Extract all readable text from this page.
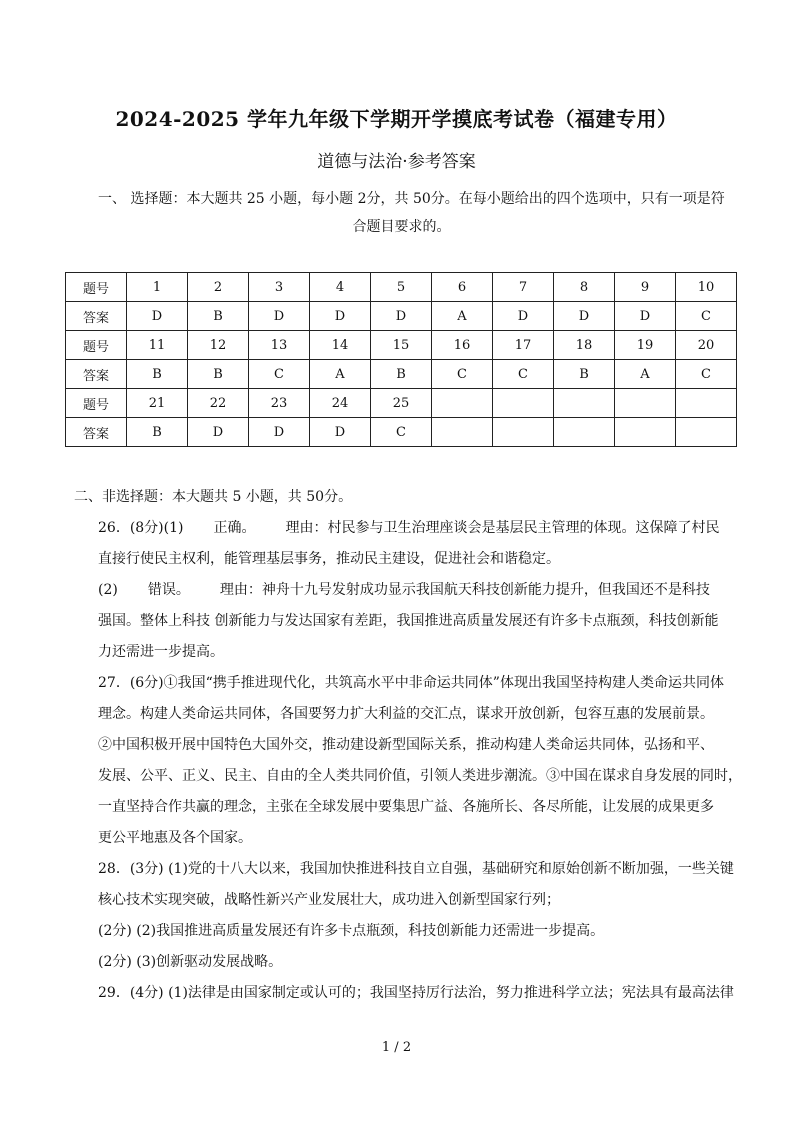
2024-2025 学年九年级下学期开学摸底考试卷（福建专用）
道德与法治·参考答案
一、 选择题：本大题共 25 小题，每小题 2分，共 50分。在每小题给出的四个选项中，只有一项是符
合题目要求的。
题号	1	2	3	4	5	6	7	8	9	10
答案	D	B	D	D	D	A	D	D	D	C
题号	11	12	13	14	15	16	17	18	19	20
答案	B	B	C	A	B	C	C	B	A	C
题号	21	22	23	24	25					
答案	B	D	D	D	C					
二、非选择题：本大题共 5 小题，共 50分。
26．(8分)(1) 正确。 理由：村民参与卫生治理座谈会是基层民主管理的体现。这保障了村民
直接行使民主权利，能管理基层事务，推动民主建设，促进社会和谐稳定。
(2) 错误。 理由：神舟十九号发射成功显示我国航天科技创新能力提升，但我国还不是科技
强国。整体上科技 创新能力与发达国家有差距，我国推进高质量发展还有许多卡点瓶颈，科技创新能
力还需进一步提高。
27．(6分)①我国“携手推进现代化，共筑高水平中非命运共同体”体现出我国坚持构建人类命运共同体
理念。构建人类命运共同体，各国要努力扩大利益的交汇点，谋求开放创新，包容互惠的发展前景。
②中国积极开展中国特色大国外交，推动建设新型国际关系，推动构建人类命运共同体，弘扬和平、
发展、公平、正义、民主、自由的全人类共同价值，引领人类进步潮流。③中国在谋求自身发展的同时，
一直坚持合作共赢的理念，主张在全球发展中要集思广益、各施所长、各尽所能，让发展的成果更多
更公平地惠及各个国家。
28．(3分) (1)党的十八大以来，我国加快推进科技自立自强，基础研究和原始创新不断加强，一些关键
核心技术实现突破，战略性新兴产业发展壮大，成功进入创新型国家行列；
(2分) (2)我国推进高质量发展还有许多卡点瓶颈，科技创新能力还需进一步提高。
(2分) (3)创新驱动发展战略。
29．(4分) (1)法律是由国家制定或认可的；我国坚持厉行法治，努力推进科学立法；宪法具有最高法律
1 / 2
